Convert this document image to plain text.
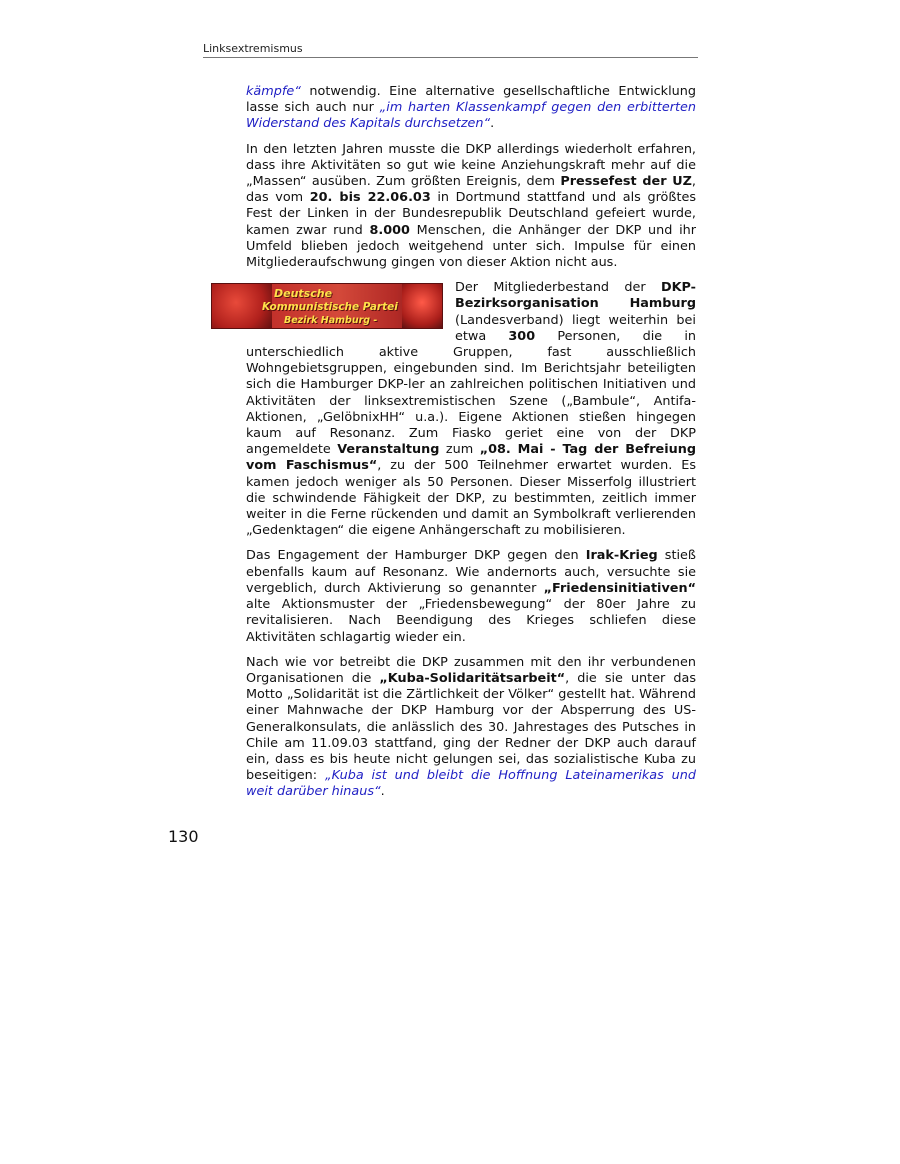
Linksextremismus

kämpfe“ notwendig. Eine alternative gesellschaftliche Entwicklung lasse sich auch nur „im harten Klassenkampf gegen den erbitterten Widerstand des Kapitals durchsetzen“.

In den letzten Jahren musste die DKP allerdings wiederholt erfahren, dass ihre Aktivitäten so gut wie keine Anziehungskraft mehr auf die „Massen“ ausüben. Zum größten Ereignis, dem Pressefest der UZ, das vom 20. bis 22.06.03 in Dortmund stattfand und als größtes Fest der Linken in der Bundesrepublik Deutschland gefeiert wurde, kamen zwar rund 8.000 Menschen, die Anhänger der DKP und ihr Umfeld blieben jedoch weitgehend unter sich. Impulse für einen Mitgliederaufschwung gingen von dieser Aktion nicht aus.

Deutsche
Kommunistische Partei
Bezirk Hamburg -
Der Mitgliederbestand der DKP-Bezirksorganisation Hamburg (Landesverband) liegt weiterhin bei etwa 300 Personen, die in unterschiedlich aktive Gruppen, fast ausschließlich Wohngebietsgruppen, eingebunden sind. Im Berichtsjahr beteiligten sich die Hamburger DKP-ler an zahlreichen politischen Initiativen und Aktivitäten der linksextremistischen Szene („Bambule“, Antifa-Aktionen, „GelöbnixHH“ u.a.). Eigene Aktionen stießen hingegen kaum auf Resonanz. Zum Fiasko geriet eine von der DKP angemeldete Veranstaltung zum „08. Mai - Tag der Befreiung vom Faschismus“, zu der 500 Teilnehmer erwartet wurden. Es kamen jedoch weniger als 50 Personen. Dieser Misserfolg illustriert die schwindende Fähigkeit der DKP, zu bestimmten, zeitlich immer weiter in die Ferne rückenden und damit an Symbolkraft verlierenden „Gedenktagen“ die eigene Anhängerschaft zu mobilisieren.

Das Engagement der Hamburger DKP gegen den Irak-Krieg stieß ebenfalls kaum auf Resonanz. Wie andernorts auch, versuchte sie vergeblich, durch Aktivierung so genannter „Friedensinitiativen“ alte Aktionsmuster der „Friedensbewegung“ der 80er Jahre zu revitalisieren. Nach Beendigung des Krieges schliefen diese Aktivitäten schlagartig wieder ein.

Nach wie vor betreibt die DKP zusammen mit den ihr verbundenen Organisationen die „Kuba-Solidaritätsarbeit“, die sie unter das Motto „Solidarität ist die Zärtlichkeit der Völker“ gestellt hat. Während einer Mahnwache der DKP Hamburg vor der Absperrung des US-Generalkonsulats, die anlässlich des 30. Jahrestages des Putsches in Chile am 11.09.03 stattfand, ging der Redner der DKP auch darauf ein, dass es bis heute nicht gelungen sei, das sozialistische Kuba zu beseitigen: „Kuba ist und bleibt die Hoffnung Lateinamerikas und weit darüber hinaus“.

130
